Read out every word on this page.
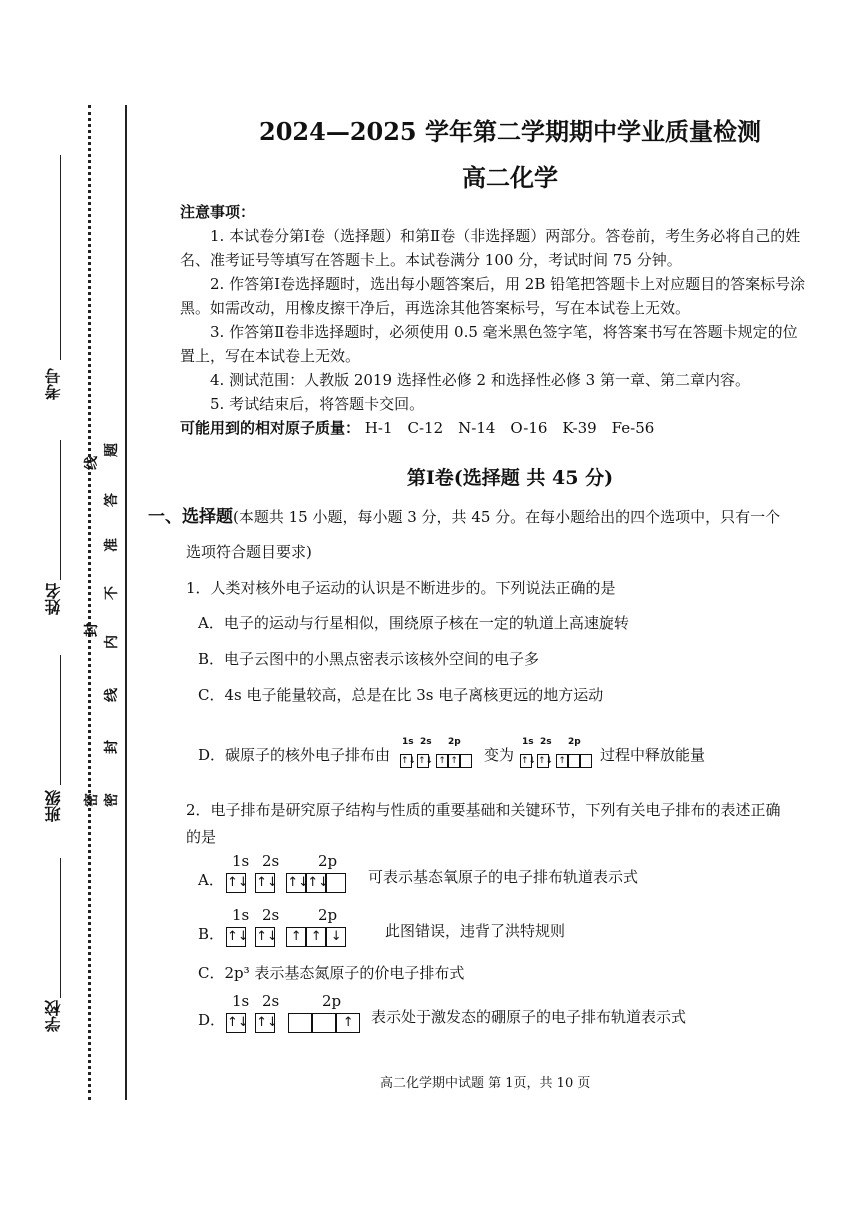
考号
姓名
班级
学校
线
封
密
题
答
准
不
内
线
封
密
2024—2025 学年第二学期期中学业质量检测
高二化学
注意事项：
1. 本试卷分第Ⅰ卷（选择题）和第Ⅱ卷（非选择题）两部分。答卷前，考生务必将自己的姓名、准考证号等填写在答题卡上。本试卷满分 100 分，考试时间 75 分钟。
2. 作答第Ⅰ卷选择题时，选出每小题答案后，用 2B 铅笔把答题卡上对应题目的答案标号涂黑。如需改动，用橡皮擦干净后，再选涂其他答案标号，写在本试卷上无效。
3. 作答第Ⅱ卷非选择题时，必须使用 0.5 毫米黑色签字笔，将答案书写在答题卡规定的位置上，写在本试卷上无效。
4. 测试范围：人教版 2019 选择性必修 2 和选择性必修 3 第一章、第二章内容。
5. 考试结束后，将答题卡交回。
可能用到的相对原子质量： H-1　C-12　N-14　O-16　K-39　Fe-56
第Ⅰ卷(选择题 共 45 分)
一、选择题(本题共 15 小题，每小题 3 分，共 45 分。在每小题给出的四个选项中，只有一个
选项符合题目要求)
1．人类对核外电子运动的认识是不断进步的。下列说法正确的是
A．电子的运动与行星相似，围绕原子核在一定的轨道上高速旋转
B．电子云图中的小黑点密表示该核外空间的电子多
C．4s 电子能量较高，总是在比 3s 电子离核更远的地方运动
D．碳原子的核外电子排布由
1s 2s 2p
↑↓ ↑↓ ↑ ↑	变为
1s 2s 2p
↑↓ ↑↓ ↑	过程中释放能量
2．电子排布是研究原子结构与性质的重要基础和关键环节，下列有关电子排布的表述正确
的是
A．
1s 2s	2p
↑↓ ↑↓ ↑↓↑↓	可表示基态氧原子的电子排布轨道表示式
B．
1s 2s	2p
↑↓ ↑↓ ↑ ↑ ↓	此图错误，违背了洪特规则
C．2p³ 表示基态氮原子的价电子排布式
D．
1s 2s	2p
↑↓ ↑↓	↑	表示处于激发态的硼原子的电子排布轨道表示式
高二化学期中试题 第 1页，共 10 页
